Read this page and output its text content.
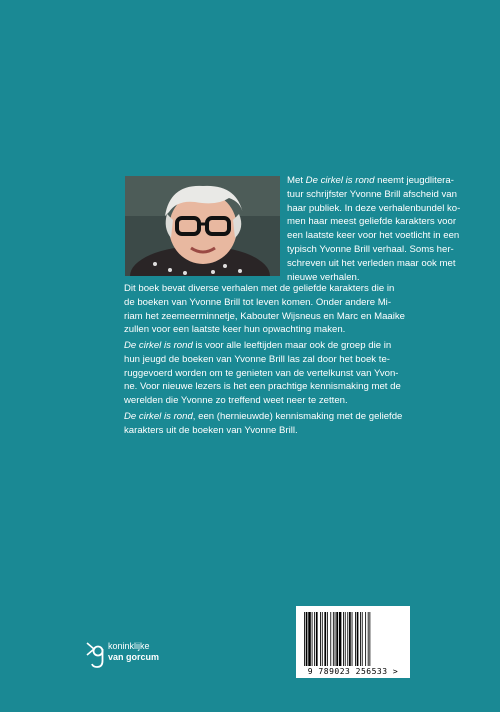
Met De cirkel is rond neemt jeugdlitera-
tuur schrijfster Yvonne Brill afscheid van
haar publiek. In deze verhalenbundel ko-
men haar meest geliefde karakters voor
een laatste keer voor het voetlicht in een
typisch Yvonne Brill verhaal. Soms her-
schreven uit het verleden maar ook met
nieuwe verhalen.
Dit boek bevat diverse verhalen met de geliefde karakters die in
de boeken van Yvonne Brill tot leven komen. Onder andere Mi-
riam het zeemeerminnetje, Kabouter Wijsneus en Marc en Maaike
zullen voor een laatste keer hun opwachting maken.
De cirkel is rond is voor alle leeftijden maar ook de groep die in
hun jeugd de boeken van Yvonne Brill las zal door het boek te-
ruggevoerd worden om te genieten van de vertelkunst van Yvon-
ne. Voor nieuwe lezers is het een prachtige kennismaking met de
werelden die Yvonne zo treffend weet neer te zetten.
De cirkel is rond, een (hernieuwde) kennismaking met de geliefde
karakters uit de boeken van Yvonne Brill.
koninklijke
van gorcum
9 789023 256533 >
